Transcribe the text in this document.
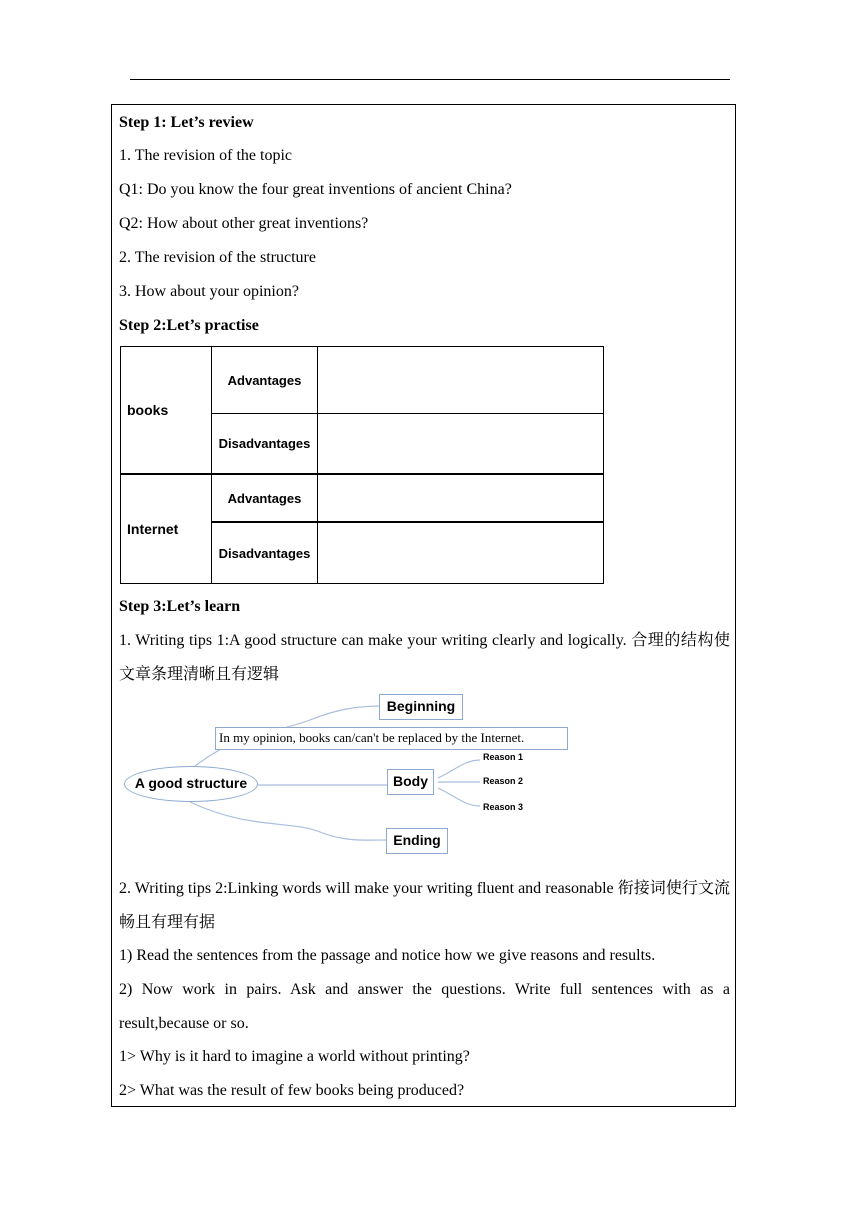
Step 1: Let’s review
1. The revision of the topic
Q1: Do you know the four great inventions of ancient China?
Q2: How about other great inventions?
2. The revision of the structure
3. How about your opinion?
Step 2:Let’s practise
books	Advantages	
	Disadvantages	
Internet	Advantages	
	Disadvantages	
Step 3:Let’s learn
1. Writing tips 1:A good structure can make your writing clearly and logically. 合理的结构使文章条理清晰且有逻辑
Beginning
In my opinion, books can/can't be replaced by the Internet.
A good structure	Body
Reason 1
Reason 2
Reason 3
Ending
2. Writing tips 2:Linking words will make your writing fluent and reasonable 衔接词使行文流畅且有理有据
1) Read the sentences from the passage and notice how we give reasons and results.
2) Now work in pairs. Ask and answer the questions. Write full sentences with as a result,because or so.
1> Why is it hard to imagine a world without printing?
2> What was the result of few books being produced?
